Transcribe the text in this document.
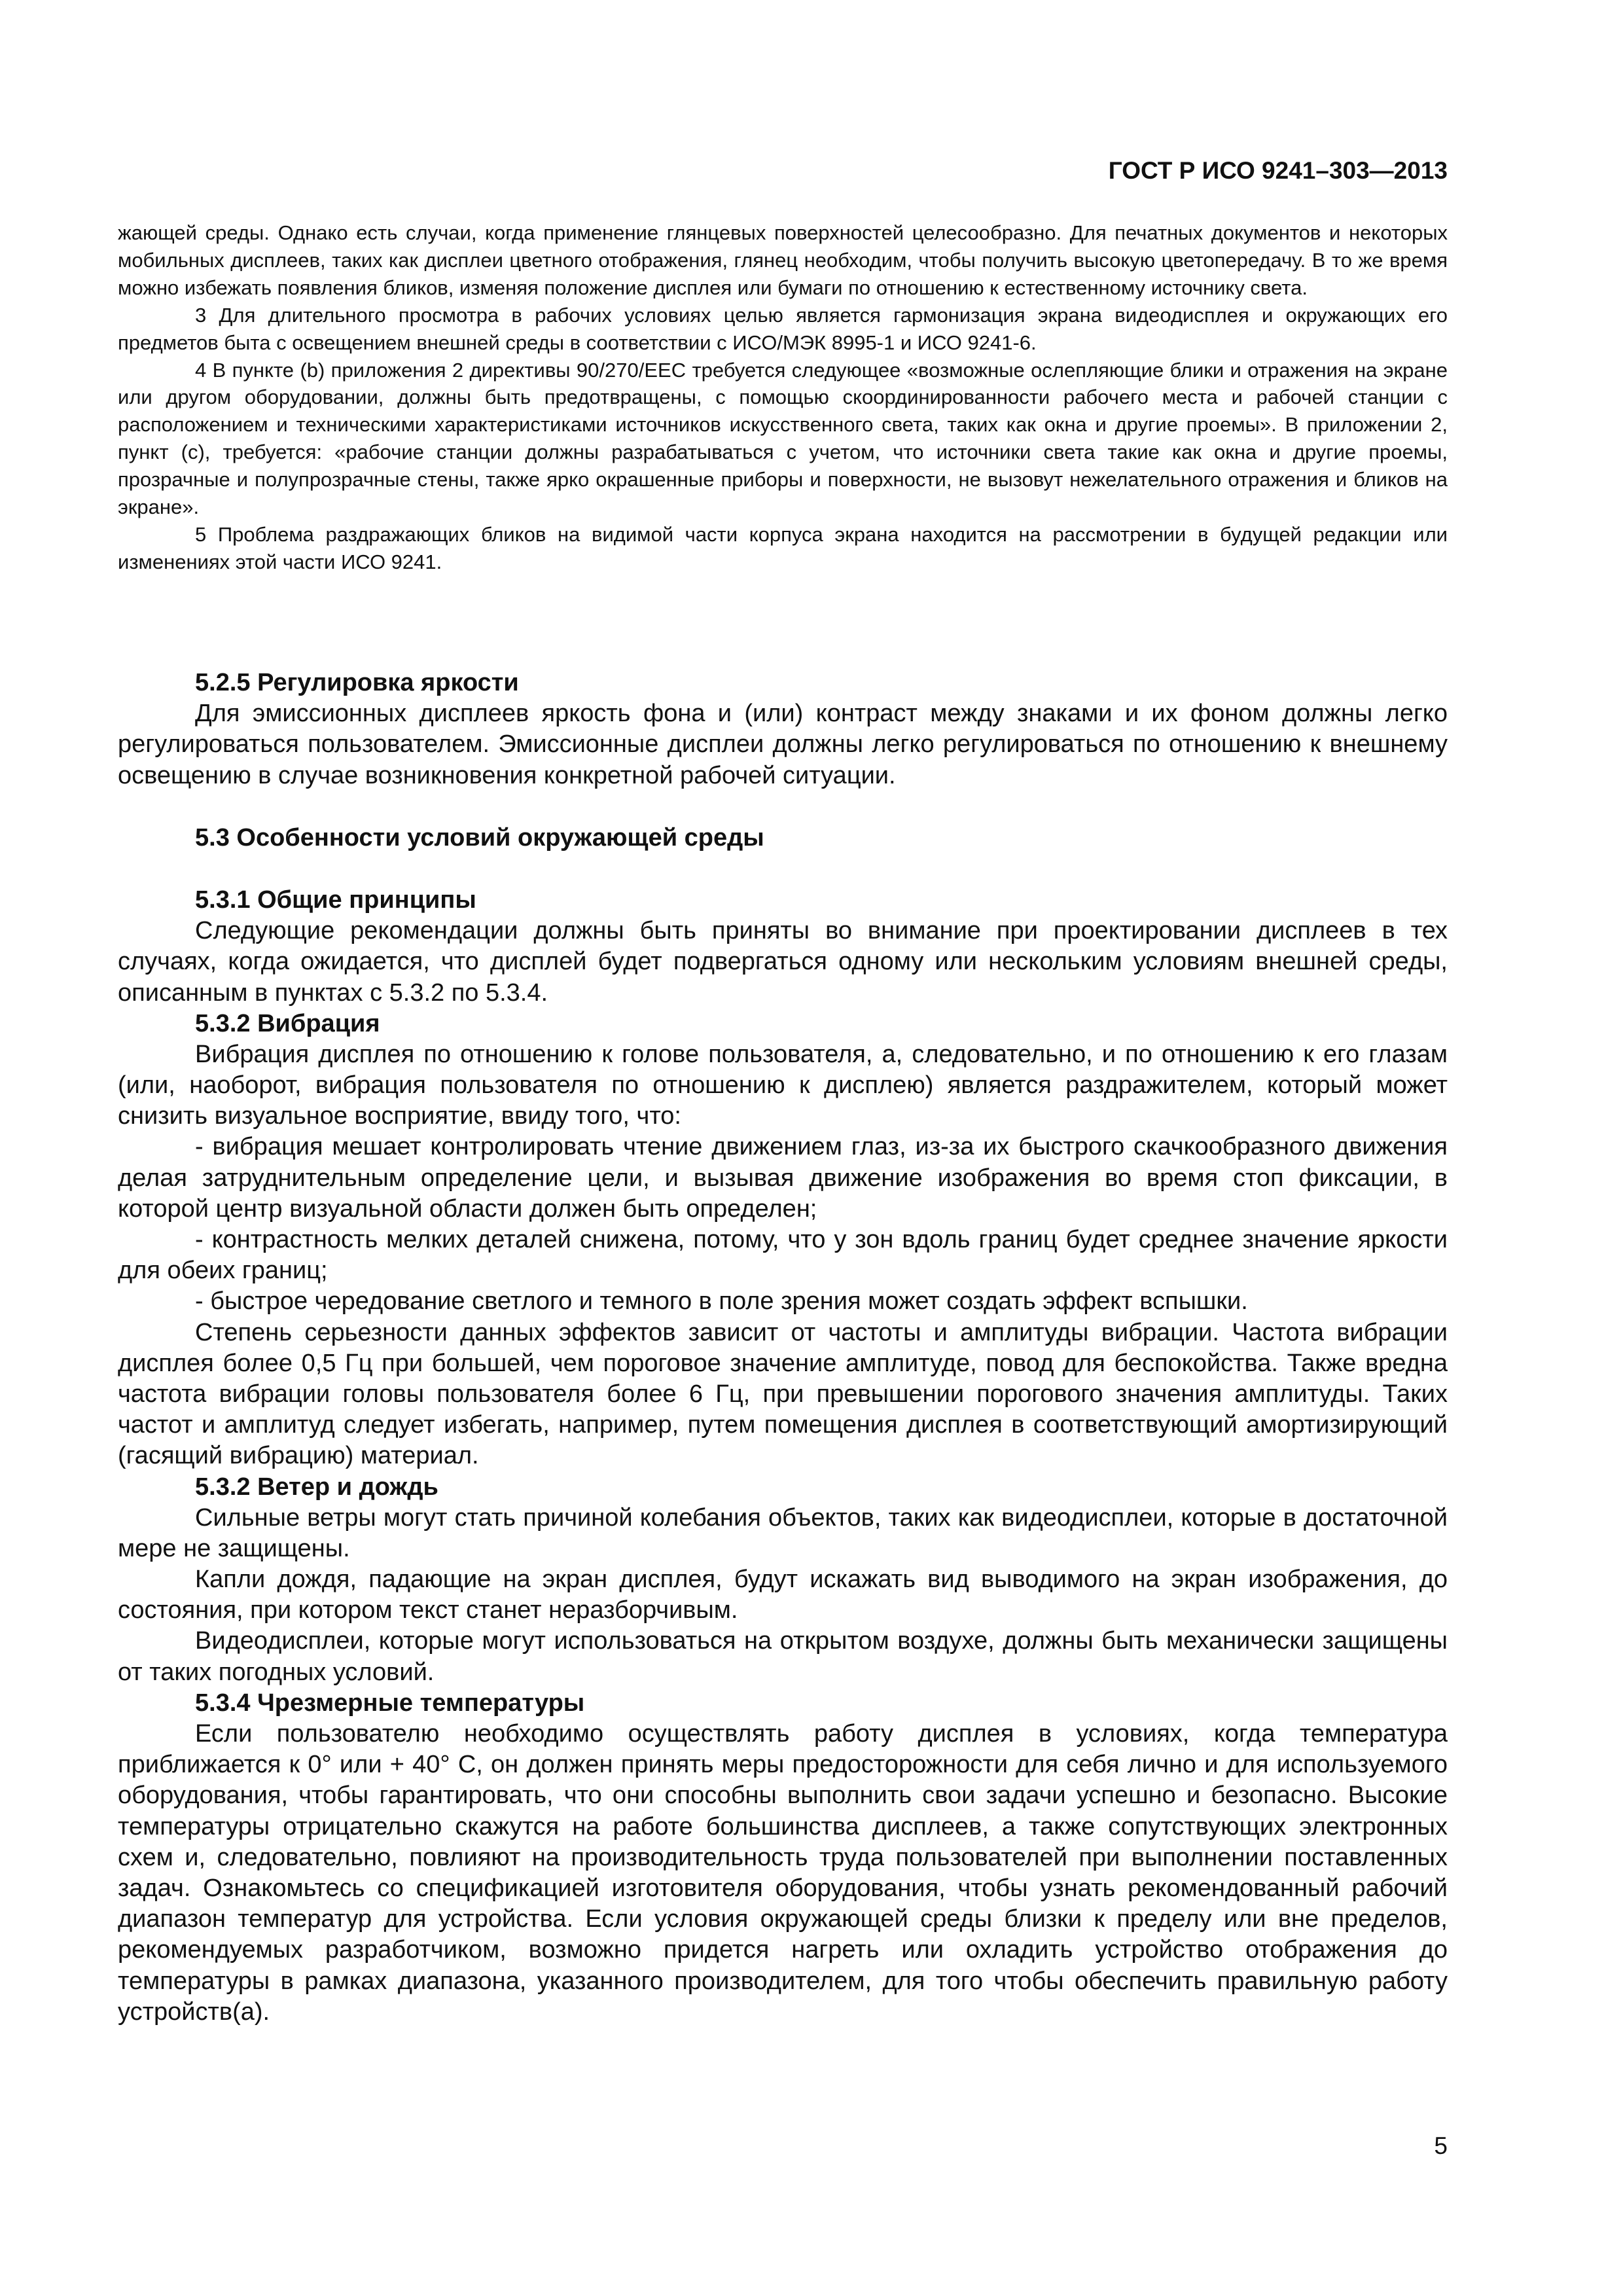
ГОСТ Р ИСО 9241–303—2013

жающей среды. Однако есть случаи, когда применение глянцевых поверхностей целесообразно. Для печатных документов и некоторых мобильных дисплеев, таких как дисплеи цветного отображения, глянец необходим, чтобы получить высокую цветопередачу. В то же время можно избежать появления бликов, изменяя положение дисплея или бумаги по отношению к естественному источнику света.

3 Для длительного просмотра в рабочих условиях целью является гармонизация экрана видеодисплея и окружающих его предметов быта с освещением внешней среды в соответствии с ИСО/МЭК 8995-1 и ИСО 9241-6.

4 В пункте (b) приложения 2 директивы 90/270/ЕЕС требуется следующее «возможные ослепляющие блики и отражения на экране или другом оборудовании, должны быть предотвращены, с помощью скоординированности рабочего места и рабочей станции с расположением и техническими характеристиками источников искусственного света, таких как окна и другие проемы». В приложении 2, пункт (с), требуется: «рабочие станции должны разрабатываться с учетом, что источники света такие как окна и другие проемы, прозрачные и полупрозрачные стены, также ярко окрашенные приборы и поверхности, не вызовут нежелательного отражения и бликов на экране».

5 Проблема раздражающих бликов на видимой части корпуса экрана находится на рассмотрении в будущей редакции или изменениях этой части ИСО 9241.

5.2.5 Регулировка яркости

Для эмиссионных дисплеев яркость фона и (или) контраст между знаками и их фоном должны легко регулироваться пользователем. Эмиссионные дисплеи должны легко регулироваться по отношению к внешнему освещению в случае возникновения конкретной рабочей ситуации.

5.3 Особенности условий окружающей среды
5.3.1 Общие принципы

Следующие рекомендации должны быть приняты во внимание при проектировании дисплеев в тех случаях, когда ожидается, что дисплей будет подвергаться одному или нескольким условиям внешней среды, описанным в пунктах с 5.3.2 по 5.3.4.

5.3.2 Вибрация

Вибрация дисплея по отношению к голове пользователя, а, следовательно, и по отношению к его глазам (или, наоборот, вибрация пользователя по отношению к дисплею) является раздражителем, который может снизить визуальное восприятие, ввиду того, что:

- вибрация мешает контролировать чтение движением глаз, из-за их быстрого скачкообразного движения делая затруднительным определение цели, и вызывая движение изображения во время стоп фиксации, в которой центр визуальной области должен быть определен;

- контрастность мелких деталей снижена, потому, что у зон вдоль границ будет среднее значение яркости для обеих границ;

- быстрое чередование светлого и темного в поле зрения может создать эффект вспышки.

Степень серьезности данных эффектов зависит от частоты и амплитуды вибрации. Частота вибрации дисплея более 0,5 Гц при большей, чем пороговое значение амплитуде, повод для беспокойства. Также вредна частота вибрации головы пользователя более 6 Гц, при превышении порогового значения амплитуды. Таких частот и амплитуд следует избегать, например, путем помещения дисплея в соответствующий амортизирующий (гасящий вибрацию) материал.

5.3.2 Ветер и дождь

Сильные ветры могут стать причиной колебания объектов, таких как видеодисплеи, которые в достаточной мере не защищены.

Капли дождя, падающие на экран дисплея, будут искажать вид выводимого на экран изображения, до состояния, при котором текст станет неразборчивым.

Видеодисплеи, которые могут использоваться на открытом воздухе, должны быть механически защищены от таких погодных условий.

5.3.4 Чрезмерные температуры

Если пользователю необходимо осуществлять работу дисплея в условиях, когда температура приближается к 0° или + 40° С, он должен принять меры предосторожности для себя лично и для используемого оборудования, чтобы гарантировать, что они способны выполнить свои задачи успешно и безопасно. Высокие температуры отрицательно скажутся на работе большинства дисплеев, а также сопутствующих электронных схем и, следовательно, повлияют на производительность труда пользователей при выполнении поставленных задач. Ознакомьтесь со спецификацией изготовителя оборудования, чтобы узнать рекомендованный рабочий диапазон температур для устройства. Если условия окружающей среды близки к пределу или вне пределов, рекомендуемых разработчиком, возможно придется нагреть или охладить устройство отображения до температуры в рамках диапазона, указанного производителем, для того чтобы обеспечить правильную работу устройств(а).

5
